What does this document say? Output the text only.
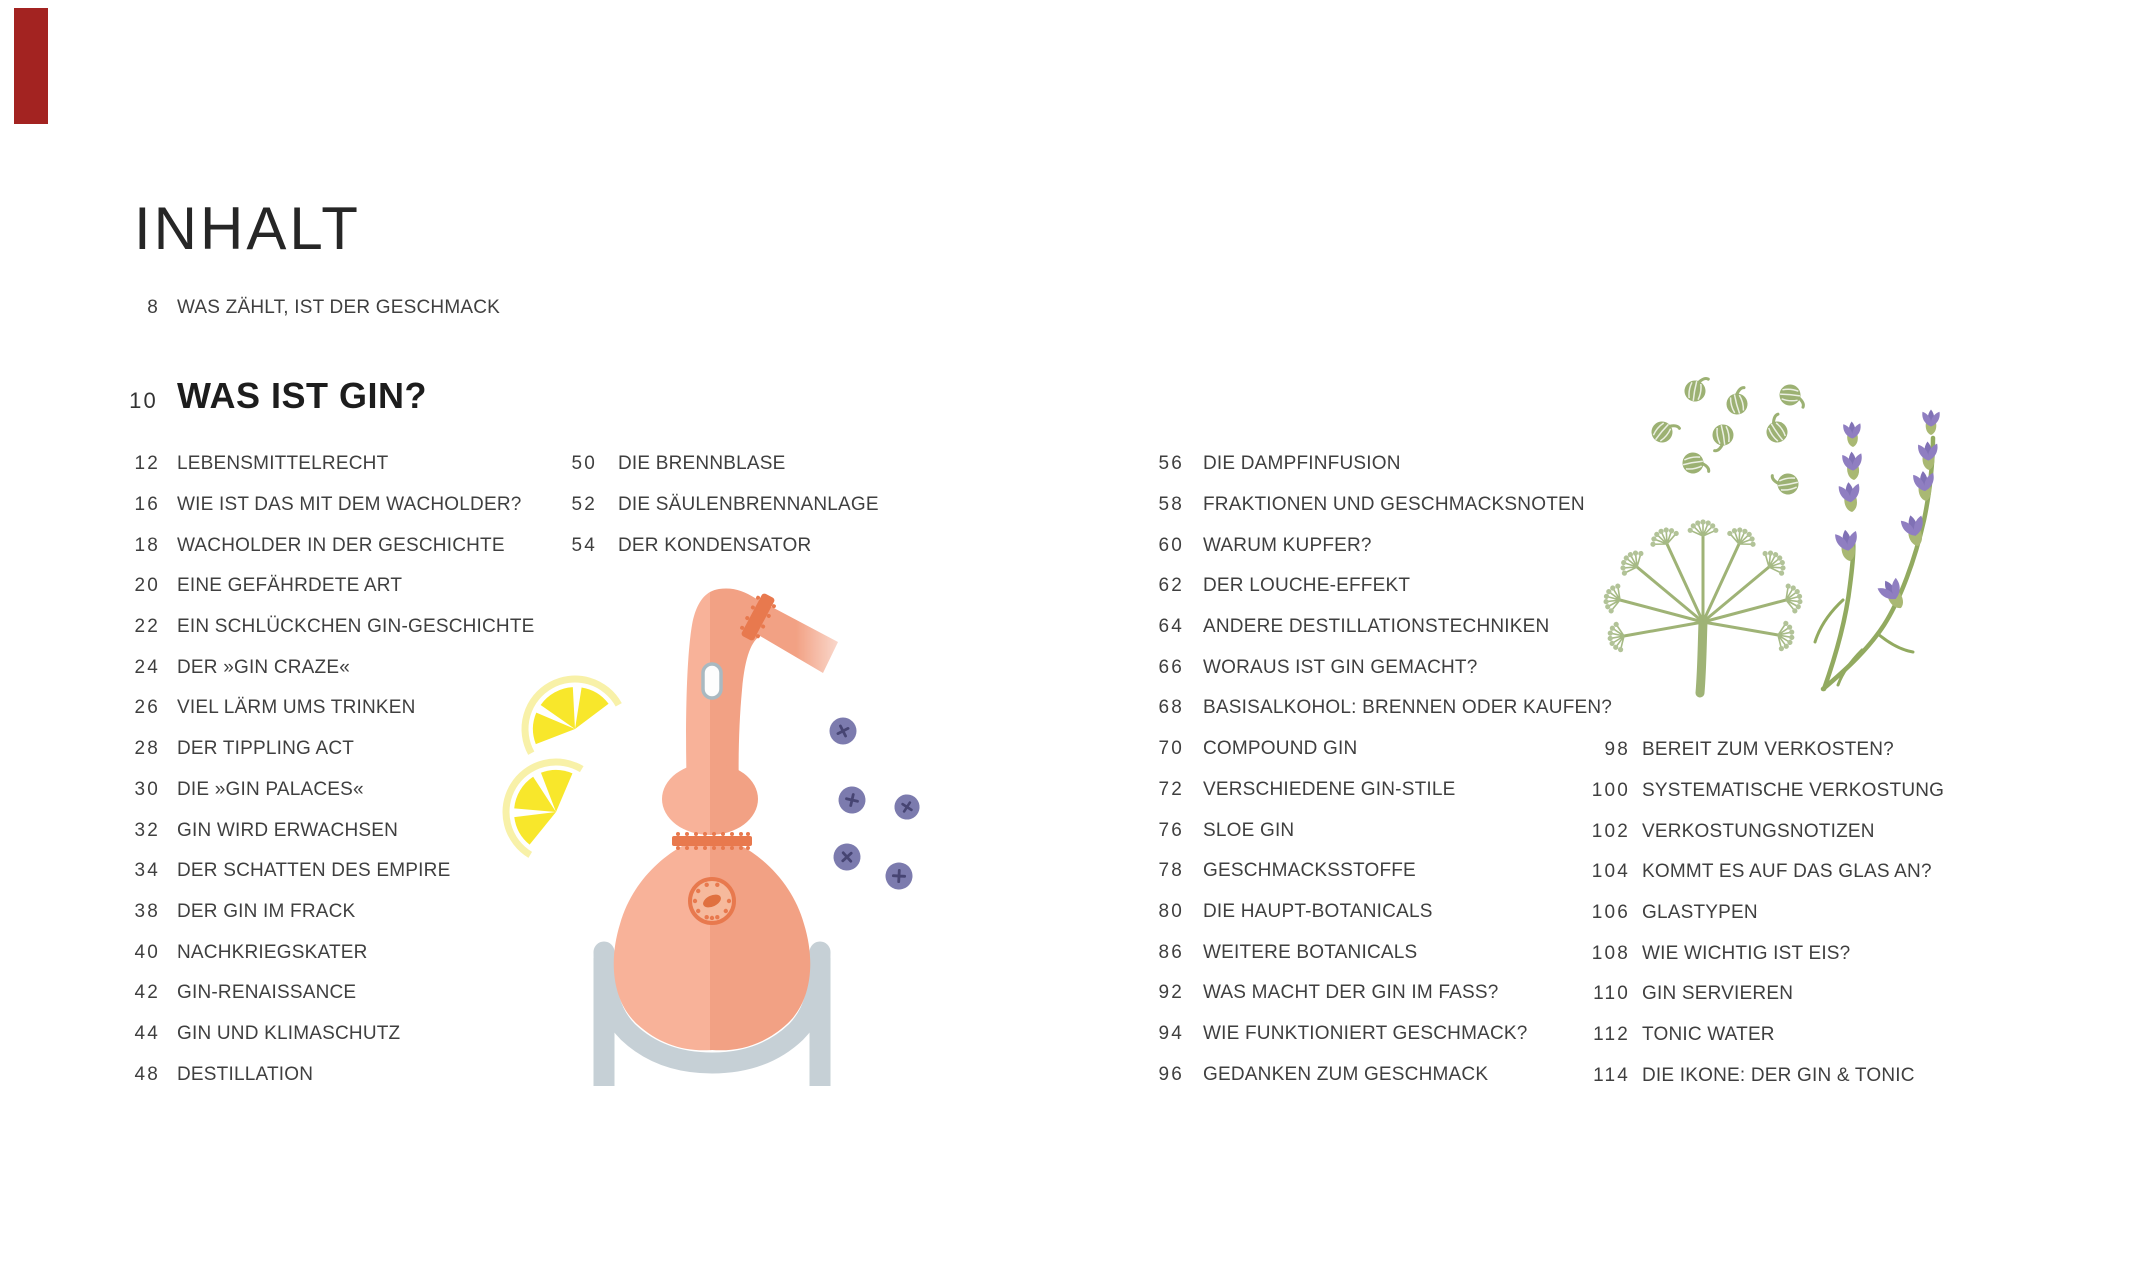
INHALT
8 WAS ZÄHLT, IST DER GESCHMACK
10 WAS IST GIN?
12 LEBENSMITTELRECHT
16 WIE IST DAS MIT DEM WACHOLDER?
18 WACHOLDER IN DER GESCHICHTE
20 EINE GEFÄHRDETE ART
22 EIN SCHLÜCKCHEN GIN-GESCHICHTE
24 DER »GIN CRAZE«
26 VIEL LÄRM UMS TRINKEN
28 DER TIPPLING ACT
30 DIE »GIN PALACES«
32 GIN WIRD ERWACHSEN
34 DER SCHATTEN DES EMPIRE
38 DER GIN IM FRACK
40 NACHKRIEGSKATER
42 GIN-RENAISSANCE
44 GIN UND KLIMASCHUTZ
48 DESTILLATION
50 DIE BRENNBLASE
52 DIE SÄULENBRENNANLAGE
54 DER KONDENSATOR
56 DIE DAMPFINFUSION
58 FRAKTIONEN UND GESCHMACKSNOTEN
60 WARUM KUPFER?
62 DER LOUCHE-EFFEKT
64 ANDERE DESTILLATIONSTECHNIKEN
66 WORAUS IST GIN GEMACHT?
68 BASISALKOHOL: BRENNEN ODER KAUFEN?
70 COMPOUND GIN
72 VERSCHIEDENE GIN-STILE
76 SLOE GIN
78 GESCHMACKSSTOFFE
80 DIE HAUPT-BOTANICALS
86 WEITERE BOTANICALS
92 WAS MACHT DER GIN IM FASS?
94 WIE FUNKTIONIERT GESCHMACK?
96 GEDANKEN ZUM GESCHMACK
98 BEREIT ZUM VERKOSTEN?
100 SYSTEMATISCHE VERKOSTUNG
102 VERKOSTUNGSNOTIZEN
104 KOMMT ES AUF DAS GLAS AN?
106 GLASTYPEN
108 WIE WICHTIG IST EIS?
110 GIN SERVIEREN
112 TONIC WATER
114 DIE IKONE: DER GIN & TONIC
